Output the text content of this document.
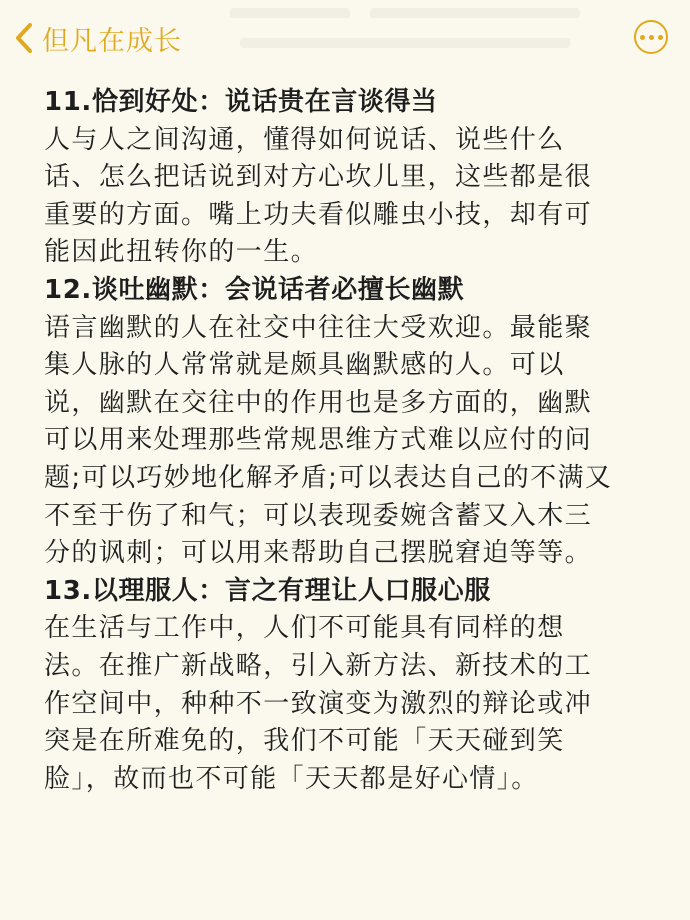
但凡在成长
11.恰到好处：说话贵在言谈得当
人与人之间沟通，懂得如何说话、说些什么
话、怎么把话说到对方心坎儿里，这些都是很
重要的方面。嘴上功夫看似雕虫小技，却有可
能因此扭转你的一生。
12.谈吐幽默：会说话者必擅长幽默
语言幽默的人在社交中往往大受欢迎。最能聚
集人脉的人常常就是颇具幽默感的人。可以
说，幽默在交往中的作用也是多方面的，幽默
可以用来处理那些常规思维方式难以应付的问
题;可以巧妙地化解矛盾;可以表达自己的不满又
不至于伤了和气；可以表现委婉含蓄又入木三
分的讽刺；可以用来帮助自己摆脱窘迫等等。
13.以理服人：言之有理让人口服心服
在生活与工作中，人们不可能具有同样的想
法。在推广新战略，引入新方法、新技术的工
作空间中，种种不一致演变为激烈的辩论或冲
突是在所难免的，我们不可能「天天碰到笑
脸」，故而也不可能「天天都是好心情」。
